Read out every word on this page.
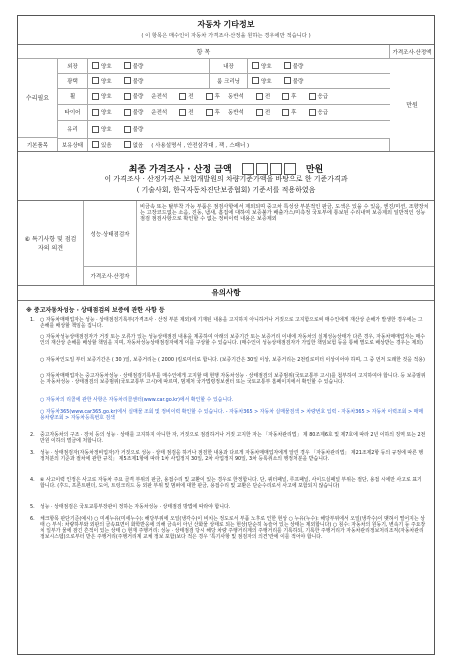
자동차 기타정보
( 이 항목은 매수인이 자동차 가격조사·산정을 원하는 경우에만 적습니다 )
항 목	가격조사·산정액
수리필요
만원
외장	양호	불량	내장	양호	불량
광택	양호	불량	룸 크리닝	양호	불량
휠	양호	불량 운전석	전	후 동반석	전	후	응급
타이어	양호	불량 운전석	전	후 동반석	전	후	응급
유리	양호	불량
기본품목	보유상태	있음	없음 ( 사용설명서 , 안전삼각대 , 잭 , 스패너 )
최종 가격조사 · 산정 금액	만원
이 가격조사 · 산정가격은 보험개발원의 차량기준가액을 바탕으로 한 기준가격과
( 기술사회, 한국자동차진단보증협회) 기준서를 적용하였음
⑥ 특기사항 및 점검자의 의견
성능·상태점검자
비금속 또는 탈부착 가능 부품은 점검사항에서 제외되며 중고차 특성상 부분적인 판금, 도색은 있을 수 있음, 엔진/미션, 조향장치는 고장코드없는 소음, 진동, 냄새, 흠집에 대하여 보증불가 배출가스/미측정 국토부에 통보된 수리내역 보증제외 일반적인 성능점검 점검사항으로 확인할 수 없는 정비이력 내용은 보증제외
가격조사·산정자
유의사항
※ 중고자동차성능 · 상태점검의 보증에 관한 사항 등
1. ○ 자동차매매업자는 성능 · 상태점검기록부(가격조사 · 산정 부분 제외)에 기재된 내용을 고지하지 아니하거나 거짓으로 고지함으로써 매수인에게 재산상 손해가 발생한 경우에는 그 손해를 배상할 책임을 집니다.
○ 자동차성능상태점검자가 거짓 또는 오류가 있는 성능상태점검 내용을 제공하여 아래의 보증기간 또는 보증거리 이내에 자동차의 실제성능상태가 다른 경우, 자동차매매업자는 매수인의 재산상 손해를 배상할 책임을 지며, 자동차성능상태점검자에게 이를 구상할 수 있습니다. (매수인이 성능상태점검자가 가입한 책임보험 등을 통해 별도로 배상받는 경우는 제외)
○ 자동차인도일 부터 보증기간은 ( 30 )일, 보증거리는 ( 2000 )킬로미터로 합니다. (보증기간은 30일 이상, 보증거리는 2천킬로미터 이상이어야 하며, 그 중 먼저 도래한 것을 적용)
○ 자동차매매업자는 중고자동차성능 · 상태점검기록부를 매수인에게 고지할 때 현행 자동차성능 · 상태점검의 보증범위(국토교통부 고시)를 첨부하여 고지하여야 합니다. 등 보증범위는 자동차성능 · 상태점검의 보증범위(국토교통부 고시)에 따르며, 범제처 국가법령정보센터 또는 국토교통부 홈페이지에서 확인할 수 있습니다.
○ 자동차의 리콜에 관한 사항은 자동차리콜센터(www.car.go.kr)에서 확인할 수 있습니다.
○ 자동차365(www.car365.go.kr)에서 실매물 조회 및 정비이력 확인할 수 있습니다. - 자동차365 > 자동차 실매물검색 > 차량번호 입력 - 자동차365 > 자동차 이력조회 > 매매용차량조회 > 자동차등록번호 검색
2. 중고자동차의 구조 · 장치 등의 성능 · 상태를 고지하지 아니한 자, 거짓으로 점검하거나 거짓 고지한 자는 「자동차관리법」 제 80조제6호 및 제7호에 따라 2년 이하의 징역 또는 2천만원 이하의 벌금에 처합니다.
3. 성능 · 상태점검자(자동차정비업자)가 거짓으로 성능 · 상태 점검을 하거나 점검한 내용과 다르게 자동차매매업자에게 알린 경우 「자동차관리법」 제21조제2항 등의 규정에 따른 행정처분의 기준과 절차에 관한 규칙」 제5조제1항에 따라 1차 사업정지 30일, 2차 사업정지 90일, 3차 등록취소의 행정처분을 받습니다.
4. ⑥ 사고이력 인정은 사고로 자동차 주요 골격 부위의 판금, 용접수리 및 교환이 있는 경우로 한정합니다. 단, 쿼터패널, 루프패널, 사이드실패널 부위는 절단, 용접 시에만 사고로 표기합니다. (후드, 프론트펜더, 도어, 트렁크리드 등 외판 부위 및 범퍼에 대한 판금, 용접수리 및 교환은 단순수리로서 사고에 포함되지 않습니다)
5. 성능 · 상태점검은 국토교통부장관이 정하는 자동차성능 · 상태점검 방법에 따라야 합니다.
6. 체크항목 판단기준(예시) ○ 미세누유(미세누수): 해당부위에 오일(냉각수)이 비치는 정도로서 부품 노후로 인한 현상 ○ 누유(누수): 해당부위에서 오일(냉각수)이 맺혀서 떨어지는 상태 ○ 부식: 차량하부와 외판의 금속표면이 화학반응에 의해 금속이 아닌 산화물 상태로 되는 현상(단순히 녹슬어 있는 상태는 제외합니다) ○ 침수: 자동차의 원동기, 변속기 등 주요장치 일부가 물에 잠긴 흔적이 있는 상태 ○ 현재 주행거리: 성능 · 상태점검 당시 해당 차량 주행거리계의 주행거리를 기록하되, 기록한 주행거리가 자동차관리정보처리조직(자동차관리정보시스템)으로부터 받은 주행거리(주행거리계 교체 정보 포함)보다 적은 경우 ‘특기사항 및 점검자의 의견’란에 이를 적어야 합니다.
